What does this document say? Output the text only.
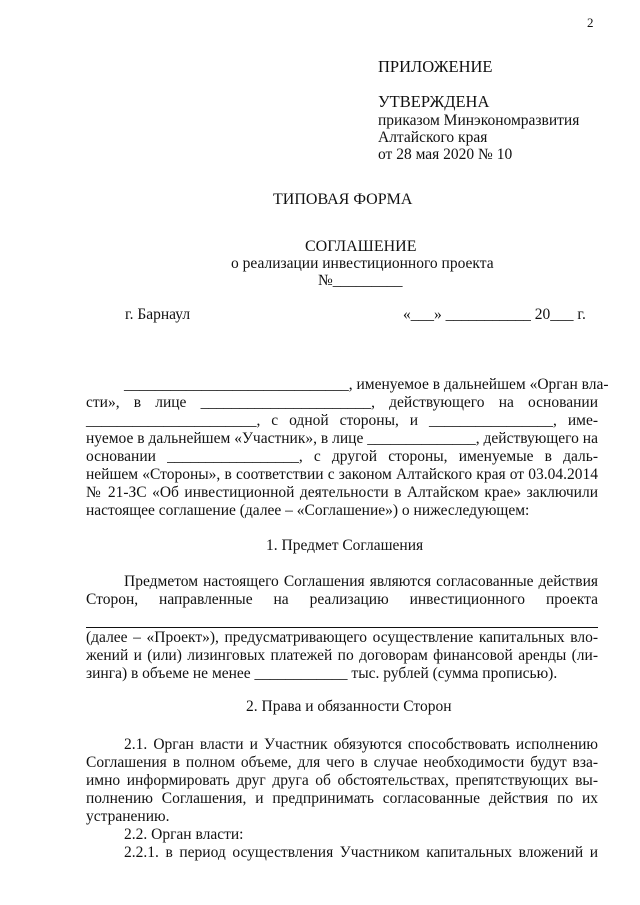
2
ПРИЛОЖЕНИЕ
УТВЕРЖДЕНА
приказом Минэкономразвития
Алтайского края
от 28 мая 2020 № 10
ТИПОВАЯ ФОРМА
СОГЛАШЕНИЕ
о реализации инвестиционного проекта
№_________
г. Барнаул	«___» ___________ 20___ г.
_____________________________, именуемое в дальнейшем «Орган вла-
сти», в лице ______________________, действующего на основании
______________________, с одной стороны, и ________________, име-
нуемое в дальнейшем «Участник», в лице ______________, действующего на
основании _________________, с другой стороны, именуемые в даль-
нейшем «Стороны», в соответствии с законом Алтайского края от 03.04.2014
№ 21-ЗС «Об инвестиционной деятельности в Алтайском крае» заключили
настоящее соглашение (далее – «Соглашение») о нижеследующем:
1. Предмет Соглашения
Предметом настоящего Соглашения являются согласованные действия
Сторон, направленные на реализацию инвестиционного проекта
(далее – «Проект»), предусматривающего осуществление капитальных вло-
жений и (или) лизинговых платежей по договорам финансовой аренды (ли-
зинга) в объеме не менее ____________ тыс. рублей (сумма прописью).
2. Права и обязанности Сторон
2.1. Орган власти и Участник обязуются способствовать исполнению
Соглашения в полном объеме, для чего в случае необходимости будут вза-
имно информировать друг друга об обстоятельствах, препятствующих вы-
полнению Соглашения, и предпринимать согласованные действия по их
устранению.
2.2. Орган власти:
2.2.1. в период осуществления Участником капитальных вложений и
